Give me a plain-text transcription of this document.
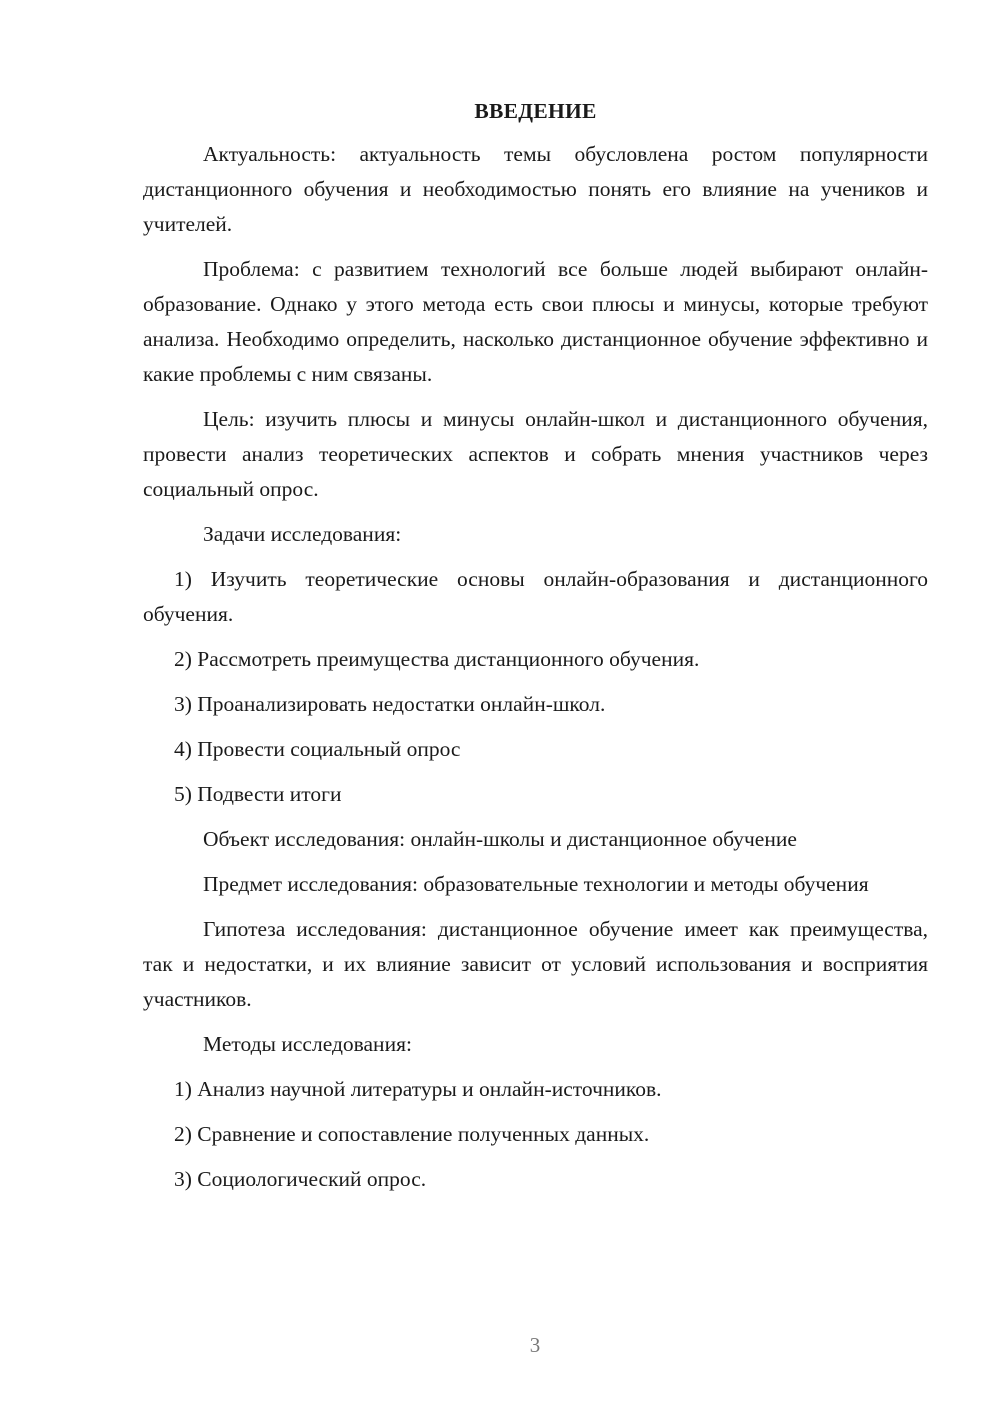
ВВЕДЕНИЕ
Актуальность: актуальность темы обусловлена ростом популярности дистанционного обучения и необходимостью понять его влияние на учеников и учителей.
Проблема: с развитием технологий все больше людей выбирают онлайн-образование. Однако у этого метода есть свои плюсы и минусы, которые требуют анализа. Необходимо определить, насколько дистанционное обучение эффективно и какие проблемы с ним связаны.
Цель: изучить плюсы и минусы онлайн-школ и дистанционного обучения, провести анализ теоретических аспектов и собрать мнения участников через социальный опрос.
Задачи исследования:
1) Изучить теоретические основы онлайн-образования и дистанционного обучения.
2) Рассмотреть преимущества дистанционного обучения.
3) Проанализировать недостатки онлайн-школ.
4) Провести социальный опрос
5) Подвести итоги
Объект исследования: онлайн-школы и дистанционное обучение
Предмет исследования: образовательные технологии и методы обучения
Гипотеза исследования: дистанционное обучение имеет как преимущества, так и недостатки, и их влияние зависит от условий использования и восприятия участников.
Методы исследования:
1) Анализ научной литературы и онлайн-источников.
2) Сравнение и сопоставление полученных данных.
3) Социологический опрос.
3
